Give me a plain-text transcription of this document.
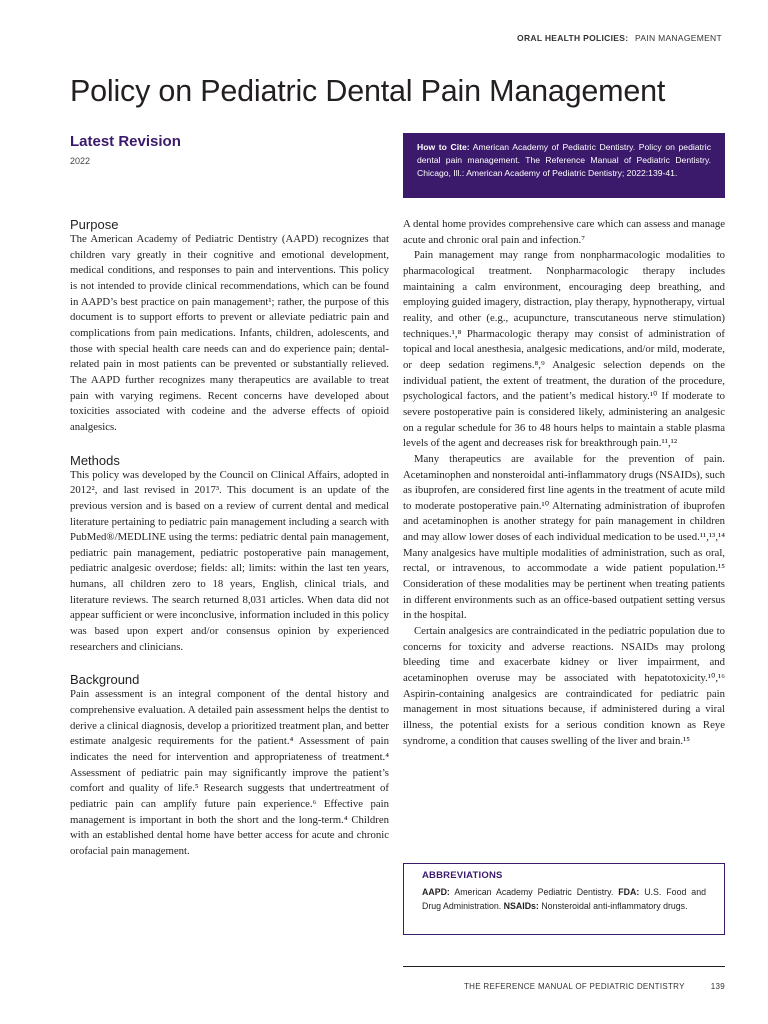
ORAL HEALTH POLICIES: PAIN MANAGEMENT
Policy on Pediatric Dental Pain Management
Latest Revision
2022
How to Cite: American Academy of Pediatric Dentistry. Policy on pediatric dental pain management. The Reference Manual of Pediatric Dentistry. Chicago, Ill.: American Academy of Pediatric Dentistry; 2022:139-41.
Purpose

The American Academy of Pediatric Dentistry (AAPD) recognizes that children vary greatly in their cognitive and emotional development, medical conditions, and responses to pain and interventions. This policy is not intended to provide clinical recommendations, which can be found in AAPD’s best practice on pain management¹; rather, the purpose of this document is to support efforts to prevent or alleviate pediatric pain and complications from pain medications. Infants, children, adolescents, and those with special health care needs can and do experience pain; dental-related pain in most patients can be prevented or substantially relieved. The AAPD further recognizes many therapeutics are available to treat pain with varying regimens. Recent concerns have developed about toxicities associated with codeine and the adverse effects of opioid analgesics.

Methods

This policy was developed by the Council on Clinical Affairs, adopted in 2012², and last revised in 2017³. This document is an update of the previous version and is based on a review of current dental and medical literature pertaining to pediatric pain management including a search with PubMed®/MEDLINE using the terms: pediatric dental pain management, pediatric pain management, pediatric postoperative pain management, pediatric analgesic overdose; fields: all; limits: within the last ten years, humans, all children zero to 18 years, English, clinical trials, and literature reviews. The search returned 8,031 articles. When data did not appear sufficient or were inconclusive, information included in this policy was based upon expert and/or consensus opinion by experienced researchers and clinicians.

Background

Pain assessment is an integral component of the dental history and comprehensive evaluation. A detailed pain assessment helps the dentist to derive a clinical diagnosis, develop a prioritized treatment plan, and better estimate analgesic requirements for the patient.⁴ Assessment of pain indicates the need for intervention and appropriateness of treatment.⁴ Assessment of pediatric pain may significantly improve the patient’s comfort and quality of life.⁵ Research suggests that undertreatment of pediatric pain can amplify future pain experience.⁶ Effective pain management is important in both the short and the long-term.⁴ Children with an established dental home have better access for acute and chronic orofacial pain management.

A dental home provides comprehensive care which can assess and manage acute and chronic oral pain and infection.⁷

Pain management may range from nonpharmacologic modalities to pharmacological treatment. Nonpharmacologic therapy includes maintaining a calm environment, encouraging deep breathing, and employing guided imagery, distraction, play therapy, hypnotherapy, virtual reality, and other (e.g., acupuncture, transcutaneous nerve stimulation) techniques.¹,⁸ Pharmacologic therapy may consist of administration of topical and local anesthesia, analgesic medications, and/or mild, moderate, or deep sedation regimens.⁸,⁹ Analgesic selection depends on the individual patient, the extent of treatment, the duration of the procedure, psychological factors, and the patient’s medical history.¹⁰ If moderate to severe postoperative pain is considered likely, administering an analgesic on a regular schedule for 36 to 48 hours helps to maintain a stable plasma levels of the agent and decreases risk for breakthrough pain.¹¹,¹²

Many therapeutics are available for the prevention of pain. Acetaminophen and nonsteroidal anti-inflammatory drugs (NSAIDs), such as ibuprofen, are considered first line agents in the treatment of acute mild to moderate postoperative pain.¹⁰ Alternating administration of ibuprofen and acetaminophen is another strategy for pain management in children and may allow lower doses of each individual medication to be used.¹¹,¹³,¹⁴ Many analgesics have multiple modalities of administration, such as oral, rectal, or intravenous, to accommodate a wide patient population.¹⁵ Consideration of these modalities may be pertinent when treating patients in different environments such as an office-based outpatient setting versus in the hospital.

Certain analgesics are contraindicated in the pediatric population due to concerns for toxicity and adverse reactions. NSAIDs may prolong bleeding time and exacerbate kidney or liver impairment, and acetaminophen overuse may be associated with hepatotoxicity.¹⁰,¹⁶ Aspirin-containing analgesics are contraindicated for pediatric pain management in most situations because, if administered during a viral illness, the potential exists for a serious condition known as Reye syndrome, a condition that causes swelling of the liver and brain.¹⁵

ABBREVIATIONS
AAPD: American Academy Pediatric Dentistry. FDA: U.S. Food and Drug Administration. NSAIDs: Nonsteroidal anti-inflammatory drugs.
THE REFERENCE MANUAL OF PEDIATRIC DENTISTRY	139
